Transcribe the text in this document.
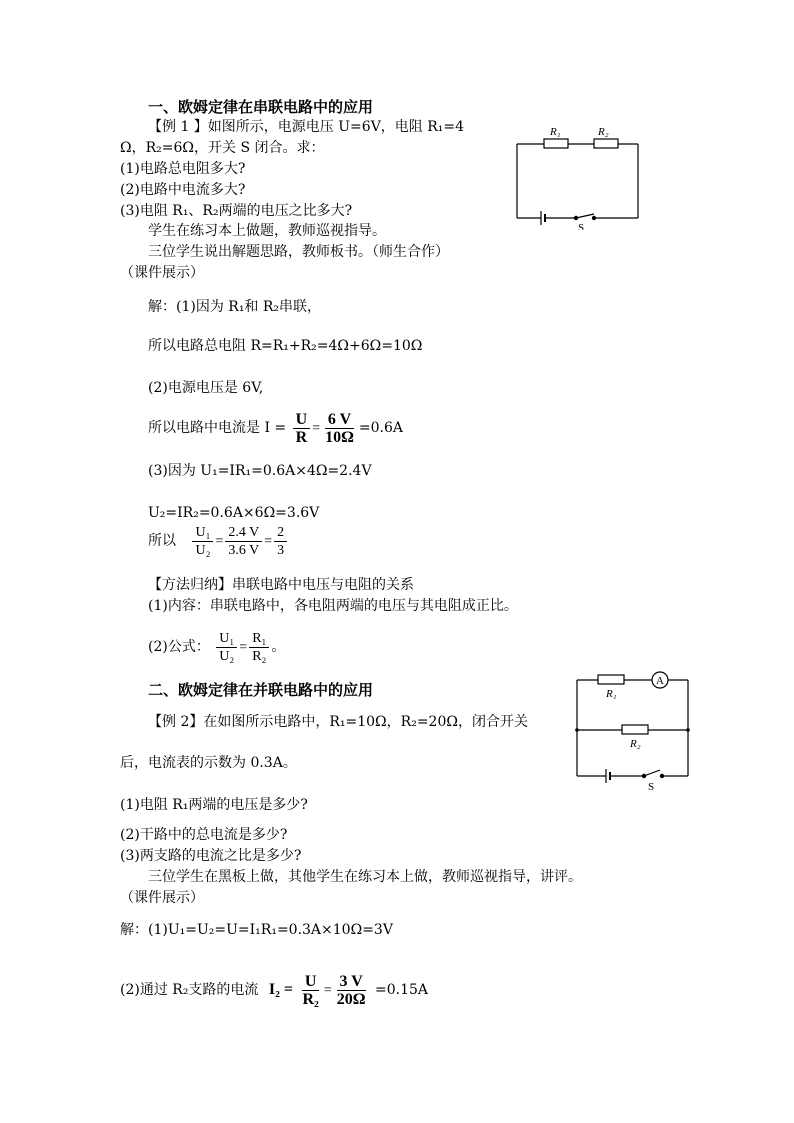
一、欧姆定律在串联电路中的应用
【例 1 】如图所示，电源电压 U=6V，电阻 R₁=4
Ω，R₂=6Ω，开关 S 闭合。求：
(1)电路总电阻多大?
(2)电路中电流多大?
(3)电阻 R₁、R₂两端的电压之比多大?
学生在练习本上做题，教师巡视指导。
三位学生说出解题思路，教师板书。（师生合作）
（课件展示）
R₁	R₂
S
解：(1)因为 R₁和 R₂串联，
所以电路总电阻 R=R₁+R₂=4Ω+6Ω=10Ω
(2)电源电压是 6V,
所以电路中电流是 $I = \frac{U}{R} = \frac{6 V}{10\Omega} =0.6A$
(3)因为 U₁=IR₁=0.6A×4Ω=2.4V
U₂=IR₂=0.6A×6Ω=3.6V
所以 $\frac{\text{U₁}}{\text{U₂}} = \frac{2.4 V}{3.6 V} = \frac{2}{3}$
【方法归纳】串联电路中电压与电阻的关系
(1)内容：串联电路中，各电阻两端的电压与其电阻成正比。
(2)公式： $\frac{\text{U₁}}{\text{U₂}} = \frac{\text{R₁}}{\text{R₂}}$ 。
二、欧姆定律在并联电路中的应用
【例 2】在如图所示电路中，R₁=10Ω，R₂=20Ω，闭合开关
后，电流表的示数为 0.3A。
(1)电阻 R₁两端的电压是多少?
(2)干路中的总电流是多少?
(3)两支路的电流之比是多少?
三位学生在黑板上做，其他学生在练习本上做，教师巡视指导，讲评。
（课件展示）
A
R₁
R₂
S
解：(1)U₁=U₂=U=I₁R₁=0.3A×10Ω=3V
(2)通过 R₂支路的电流 $I_2 = \frac{U}{\text{R₂}} = \frac{3 V}{20\Omega} =0.15A$
